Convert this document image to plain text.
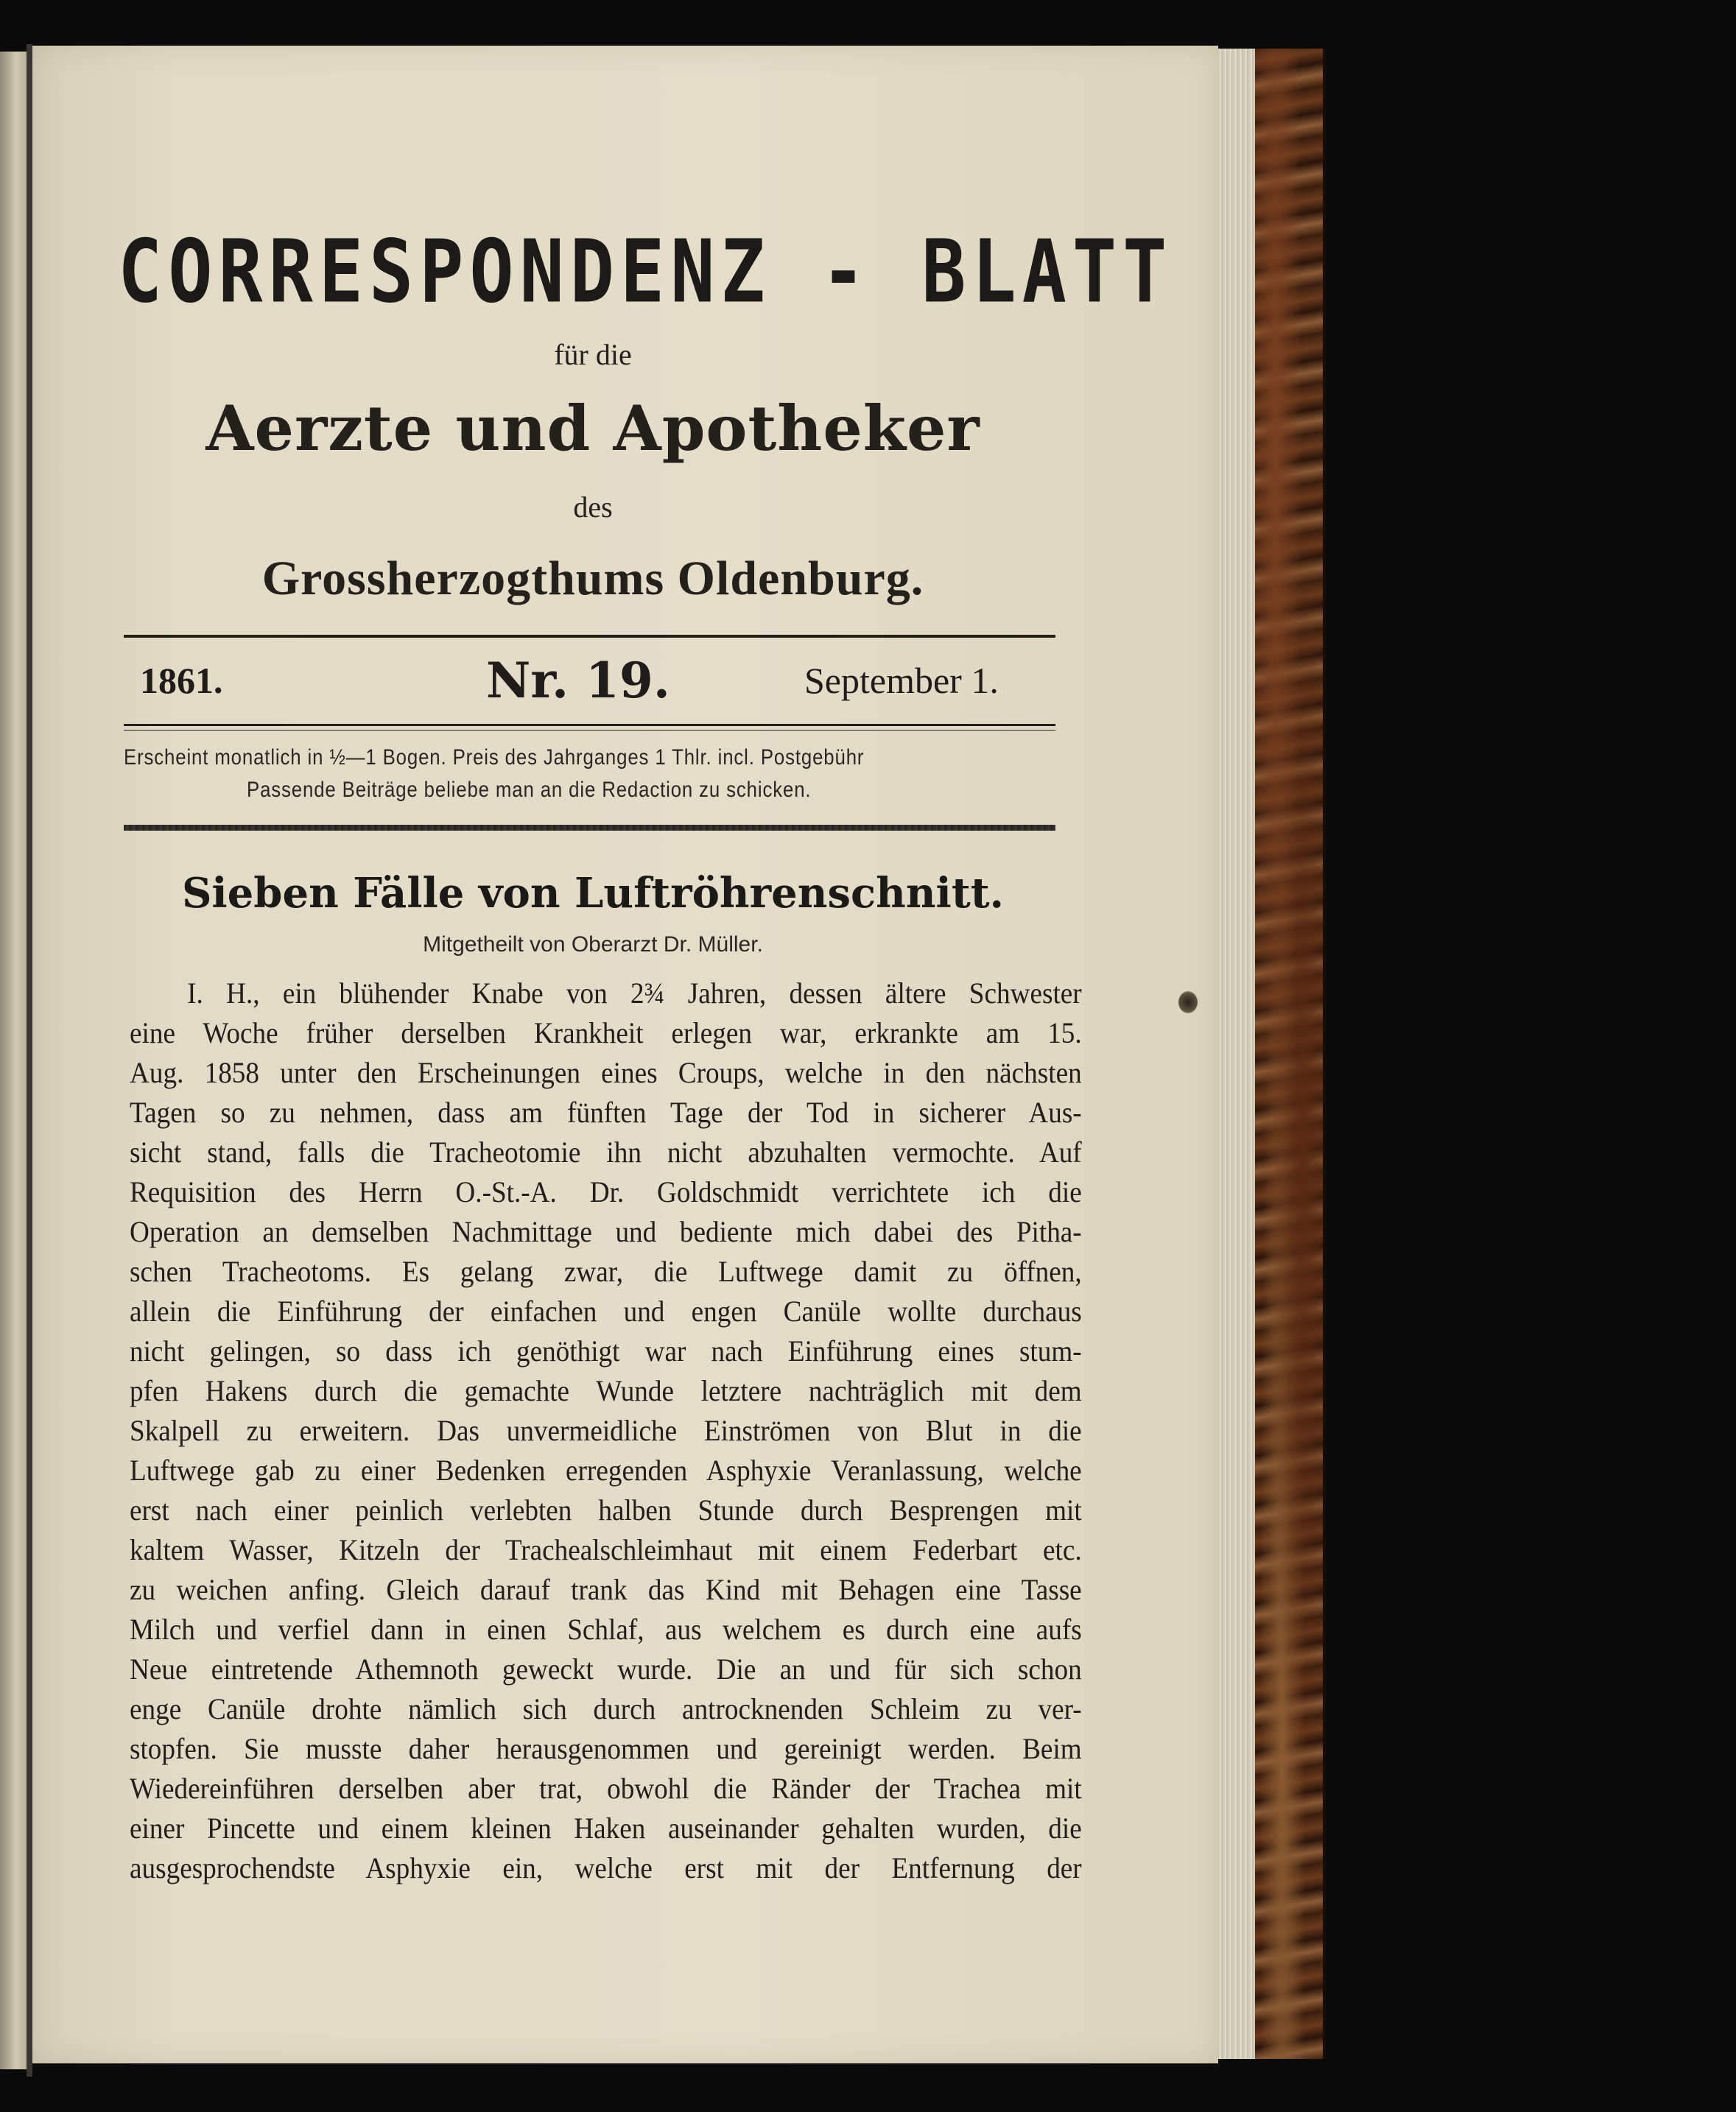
CORRESPONDENZ - BLATT
für die
Aerzte und Apotheker
des
Grossherzogthums Oldenburg.
1861.	Nr. 19.	September 1.
Erscheint monatlich in ½—1 Bogen. Preis des Jahrganges 1 Thlr. incl. Postgebühr
Passende Beiträge beliebe man an die Redaction zu schicken.
Sieben Fälle von Luftröhrenschnitt.
Mitgetheilt von Oberarzt Dr. Müller.
I. H., ein blühender Knabe von 2¾ Jahren, dessen ältere Schwester
eine Woche früher derselben Krankheit erlegen war, erkrankte am 15.
Aug. 1858 unter den Erscheinungen eines Croups, welche in den nächsten
Tagen so zu nehmen, dass am fünften Tage der Tod in sicherer Aus-
sicht stand, falls die Tracheotomie ihn nicht abzuhalten vermochte. Auf
Requisition des Herrn O.-St.-A. Dr. Goldschmidt verrichtete ich die
Operation an demselben Nachmittage und bediente mich dabei des Pitha-
schen Tracheotoms. Es gelang zwar, die Luftwege damit zu öffnen,
allein die Einführung der einfachen und engen Canüle wollte durchaus
nicht gelingen, so dass ich genöthigt war nach Einführung eines stum-
pfen Hakens durch die gemachte Wunde letztere nachträglich mit dem
Skalpell zu erweitern. Das unvermeidliche Einströmen von Blut in die
Luftwege gab zu einer Bedenken erregenden Asphyxie Veranlassung, welche
erst nach einer peinlich verlebten halben Stunde durch Besprengen mit
kaltem Wasser, Kitzeln der Trachealschleimhaut mit einem Federbart etc.
zu weichen anfing. Gleich darauf trank das Kind mit Behagen eine Tasse
Milch und verfiel dann in einen Schlaf, aus welchem es durch eine aufs
Neue eintretende Athemnoth geweckt wurde. Die an und für sich schon
enge Canüle drohte nämlich sich durch antrocknenden Schleim zu ver-
stopfen. Sie musste daher herausgenommen und gereinigt werden. Beim
Wiedereinführen derselben aber trat, obwohl die Ränder der Trachea mit
einer Pincette und einem kleinen Haken auseinander gehalten wurden, die
ausgesprochendste Asphyxie ein, welche erst mit der Entfernung der
